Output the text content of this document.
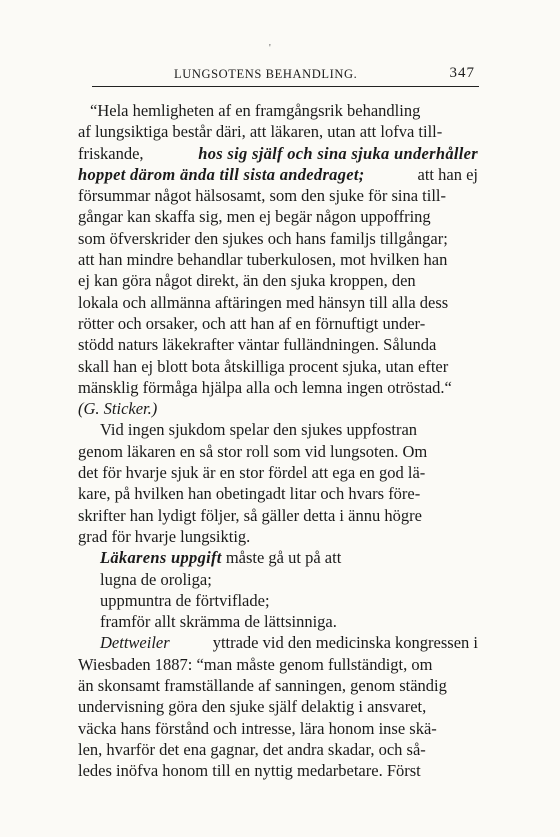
LUNGSOTENS BEHANDLING.	347
'
“Hela hemligheten af en framgångsrik behandling
af lungsiktiga består däri, att läkaren, utan att lofva till-
friskande,	hos sig själf och sina sjuka underhåller
hoppet därom ända till sista andedraget;	att han ej
försummar något hälsosamt, som den sjuke för sina till-
gångar kan skaffa sig, men ej begär någon uppoffring
som öfverskrider den sjukes och hans familjs tillgångar;
att han mindre behandlar tuberkulosen, mot hvilken han
ej kan göra något direkt, än den sjuka kroppen, den
lokala och allmänna aftäringen med hänsyn till alla dess
rötter och orsaker, och att han af en förnuftigt under-
stödd naturs läkekrafter väntar fulländningen. Sålunda
skall han ej blott bota åtskilliga procent sjuka, utan efter
mänsklig förmåga hjälpa alla och lemna ingen otröstad.“
(G. Sticker.)
Vid ingen sjukdom spelar den sjukes uppfostran
genom läkaren en så stor roll som vid lungsoten. Om
det för hvarje sjuk är en stor fördel att ega en god lä-
kare, på hvilken han obetingadt litar och hvars före-
skrifter han lydigt följer, så gäller detta i ännu högre
grad för hvarje lungsiktig.
Läkarens uppgift måste gå ut på att
lugna de oroliga;
uppmuntra de förtviflade;
framför allt skrämma de lättsinniga.
Dettweiler	yttrade vid den medicinska kongressen i
Wiesbaden 1887: “man måste genom fullständigt, om
än skonsamt framställande af sanningen, genom ständig
undervisning göra den sjuke själf delaktig i ansvaret,
väcka hans förstånd och intresse, lära honom inse skä-
len, hvarför det ena gagnar, det andra skadar, och så-
ledes inöfva honom till en nyttig medarbetare. Först
